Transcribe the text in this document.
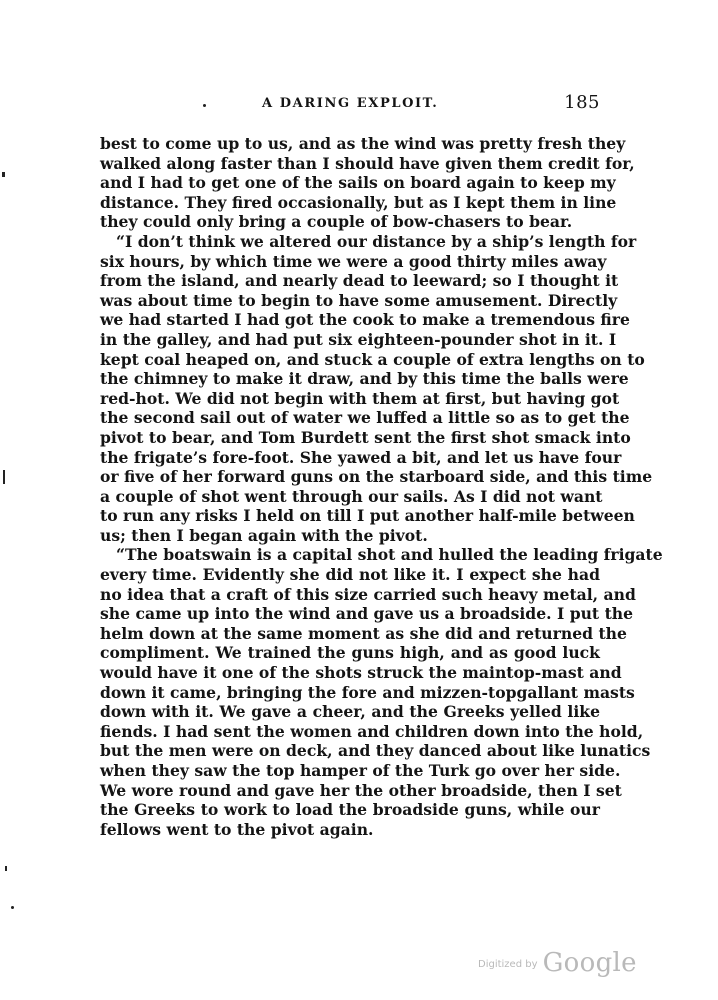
A DARING EXPLOIT.	185
best to come up to us, and as the wind was pretty fresh they
walked along faster than I should have given them credit for,
and I had to get one of the sails on board again to keep my
distance. They fired occasionally, but as I kept them in line
they could only bring a couple of bow-chasers to bear.
“I don’t think we altered our distance by a ship’s length for
six hours, by which time we were a good thirty miles away
from the island, and nearly dead to leeward; so I thought it
was about time to begin to have some amusement. Directly
we had started I had got the cook to make a tremendous fire
in the galley, and had put six eighteen-pounder shot in it. I
kept coal heaped on, and stuck a couple of extra lengths on to
the chimney to make it draw, and by this time the balls were
red-hot. We did not begin with them at first, but having got
the second sail out of water we luffed a little so as to get the
pivot to bear, and Tom Burdett sent the first shot smack into
the frigate’s fore-foot. She yawed a bit, and let us have four
or five of her forward guns on the starboard side, and this time
a couple of shot went through our sails. As I did not want
to run any risks I held on till I put another half-mile between
us; then I began again with the pivot.
“The boatswain is a capital shot and hulled the leading frigate
every time. Evidently she did not like it. I expect she had
no idea that a craft of this size carried such heavy metal, and
she came up into the wind and gave us a broadside. I put the
helm down at the same moment as she did and returned the
compliment. We trained the guns high, and as good luck
would have it one of the shots struck the maintop-mast and
down it came, bringing the fore and mizzen-topgallant masts
down with it. We gave a cheer, and the Greeks yelled like
fiends. I had sent the women and children down into the hold,
but the men were on deck, and they danced about like lunatics
when they saw the top hamper of the Turk go over her side.
We wore round and gave her the other broadside, then I set
the Greeks to work to load the broadside guns, while our
fellows went to the pivot again.
$^{Digitized by}$ Google
